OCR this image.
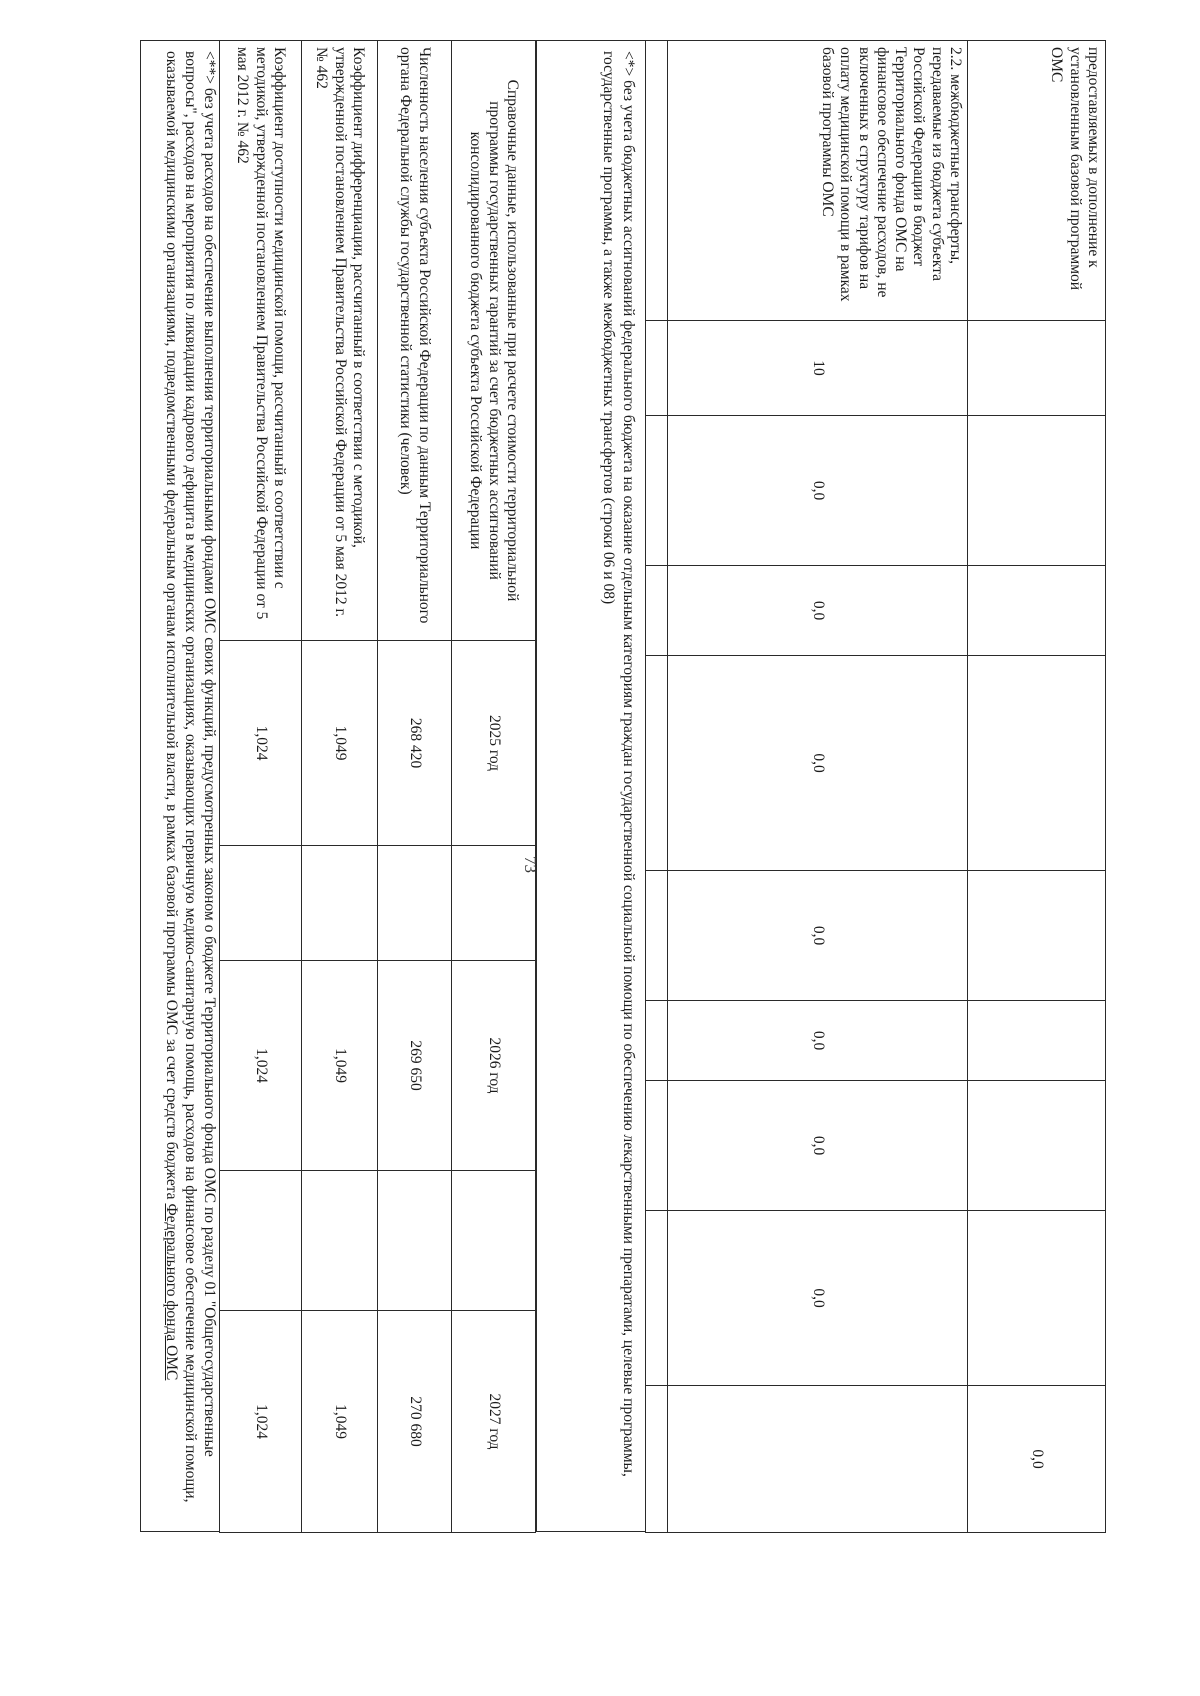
предоставляемых в дополнение к установленным базовой программой ОМС									0,0
2.2. межбюджетные трансферты, передаваемые из бюджета субъекта Российской Федерации в бюджет Территориального фонда ОМС на финансовое обеспечение расходов, не включенных в структуру тарифов на оплату медицинской помощи в рамках базовой программы ОМС	10	0,0	0,0	0,0	0,0	0,0	0,0	0,0	

<*> без учета бюджетных ассигнований федерального бюджета на оказание отдельным категориям граждан государственной социальной помощи по обеспечению лекарственными препаратами, целевые программы, государственные программы, а также межбюджетных трансфертов (строки 06 и 08)
Справочные данные, использованные при расчете стоимости территориальной программы государственных гарантий за счет бюджетных ассигнований консолидированного бюджета субъекта Российской Федерации	2025 год		2026 год		2027 год
Численность населения субъекта Российской Федерации по данным Территориального органа Федеральной службы государственной статистики (человек)	268 420		269 650		270 680
Коэффициент дифференциации, рассчитанный в соответствии с методикой, утвержденной постановлением Правительства Российской Федерации от 5 мая 2012 г. № 462	1,049		1,049		1,049
Коэффициент доступности медицинской помощи, рассчитанный в соответствии с методикой, утвержденной постановлением Правительства Российской Федерации от 5 мая 2012 г. № 462	1,024		1,024		1,024
<**> без учета расходов на обеспечение выполнения территориальными фондами ОМС своих функций, предусмотренных законом о бюджете Территориального фонда ОМС по разделу 01 "Общегосударственные вопросы", расходов на мероприятия по ликвидации кадрового дефицита в медицинских организациях, оказывающих первичную медико-санитарную помощь, расходов на финансовое обеспечение медицинской помощи, оказываемой медицинскими организациями, подведомственными федеральным органам исполнительной власти, в рамках базовой программы ОМС за счет средств бюджета Федерального фонда ОМС
73
